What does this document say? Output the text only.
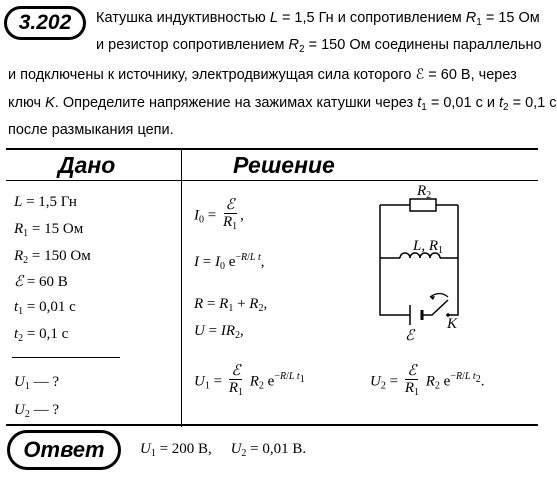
3.202 Катушка индуктивностью L = 1,5 Гн и сопротивлением $R_1 = 15$ Ом
и резистор сопротивлением $R_2 = 150$ Ом соединены параллельно
и подключены к источнику, электродвижущая сила которого ℰ = 60 В, через
ключ K. Определите напряжение на зажимах катушки через $t_1 = 0,01$ с и $t_2 = 0,1$ с
после размыкания цепи.
Дано	Решение
L = 1,5 Гн
$R_1 = 15$ Ом
$R_2 = 150$ Ом
ℰ = 60 В
$t_1 = 0,01$ с
$t_2 = 0,1$ с
$U_1$ — ?
$U_2$ — ?
$I_0 = \frac{\text{ℰ}}{R_1}$ ,
$I = I_0$ $e^{-R/L t}$,
$R = R_1 + R_2$,
$U = IR_2$,
$U_1 = \frac{\text{ℰ}}{R_1} R_2$ $e^{-R/L t_1}$	$U_2 = \frac{\text{ℰ}}{R_1} R_2$ $e^{-R/L t_2}$.
$R_2$
L, $R_1$
ℰ
K
Ответ $U_1 = 200$ В, $U_2 = 0,01$ В.
